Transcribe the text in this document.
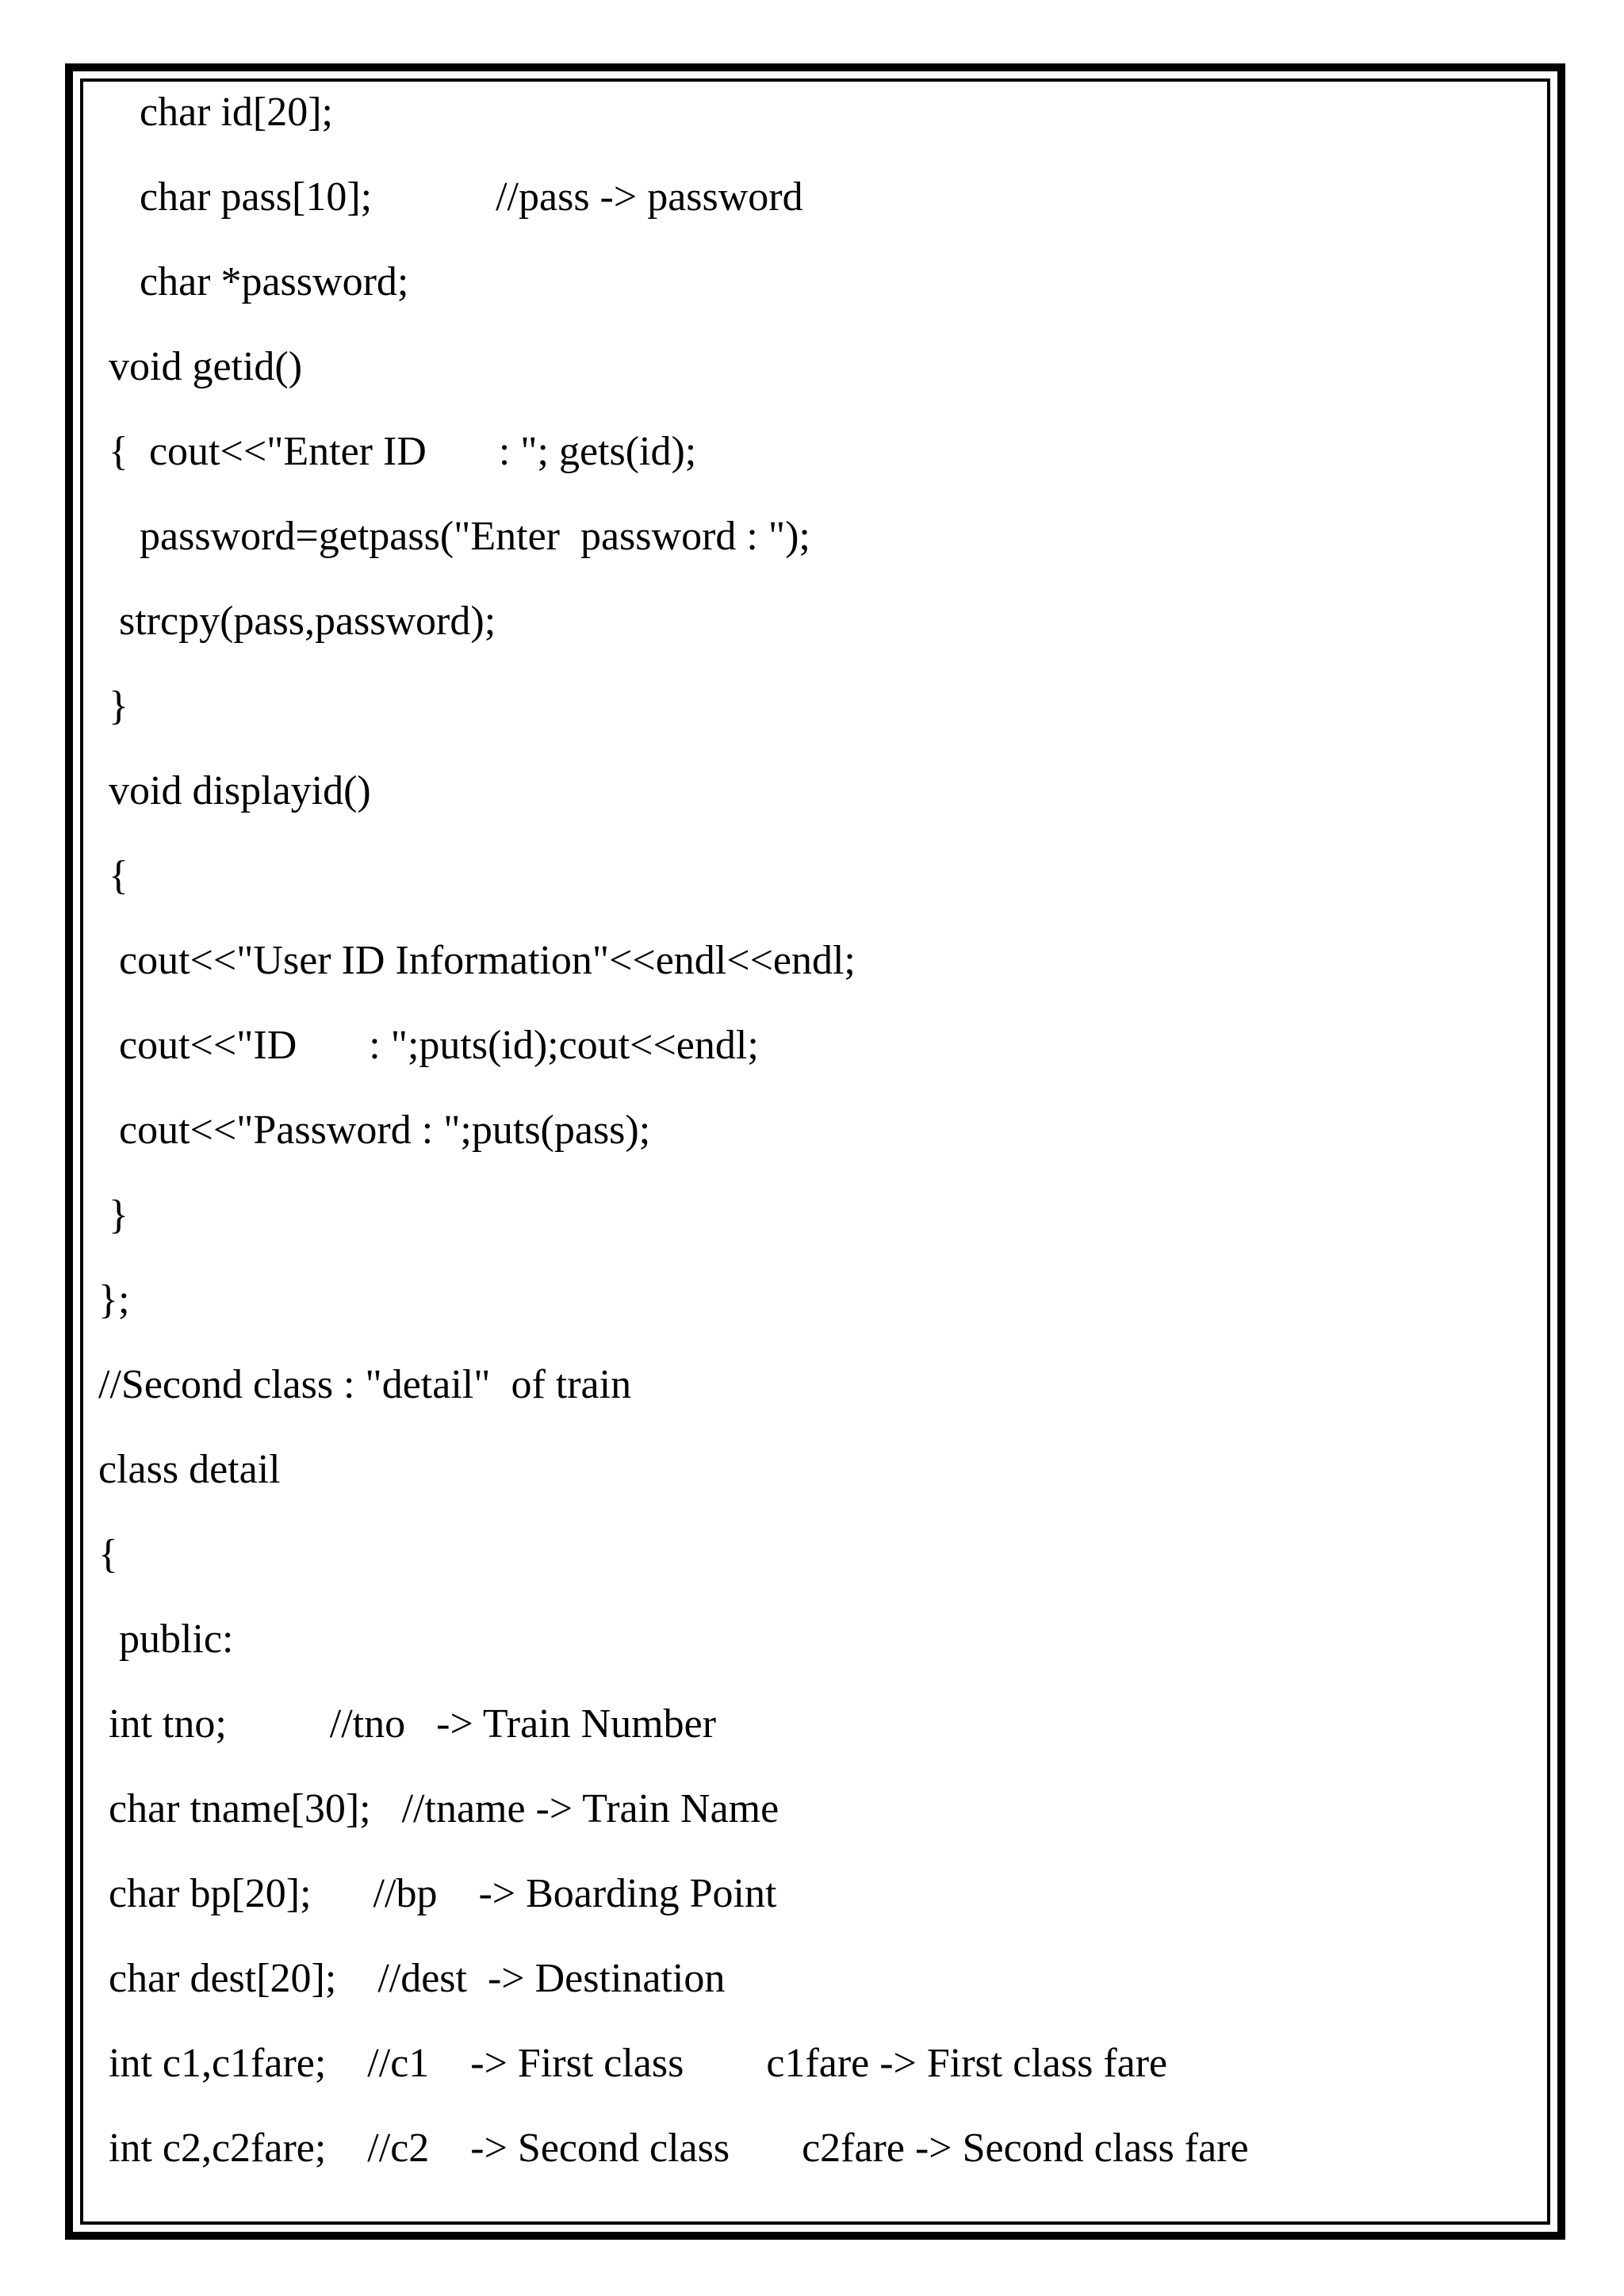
char id[20];
char pass[10];            //pass -> password
char *password;
void getid()
{  cout<<"Enter ID       : "; gets(id);
password=getpass("Enter  password : ");
strcpy(pass,password);
}
void displayid()
{
cout<<"User ID Information"<<endl<<endl;
cout<<"ID       : ";puts(id);cout<<endl;
cout<<"Password : ";puts(pass);
}
};
//Second class : "detail"  of train
class detail
{
public:
int tno;          //tno   -> Train Number
char tname[30];   //tname -> Train Name
char bp[20];      //bp    -> Boarding Point
char dest[20];    //dest  -> Destination
int c1,c1fare;    //c1    -> First class        c1fare -> First class fare
int c2,c2fare;    //c2    -> Second class       c2fare -> Second class fare
